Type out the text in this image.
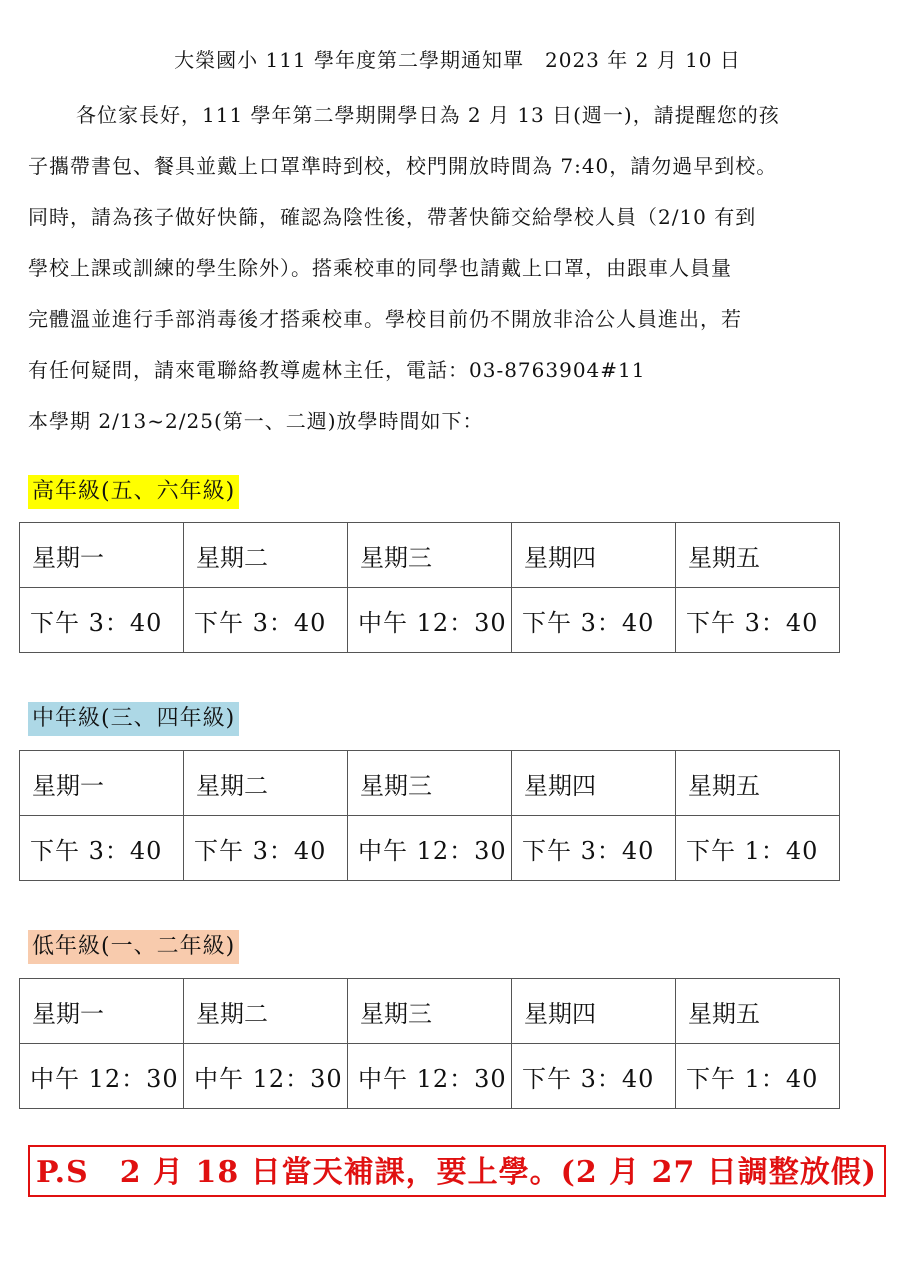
大榮國小 111 學年度第二學期通知單　2023 年 2 月 10 日
各位家長好，111 學年第二學期開學日為 2 月 13 日(週一)，請提醒您的孩
子攜帶書包、餐具並戴上口罩準時到校，校門開放時間為 7:40，請勿過早到校。
同時，請為孩子做好快篩，確認為陰性後，帶著快篩交給學校人員（2/10 有到
學校上課或訓練的學生除外）。搭乘校車的同學也請戴上口罩，由跟車人員量
完體溫並進行手部消毒後才搭乘校車。學校目前仍不開放非洽公人員進出，若
有任何疑問，請來電聯絡教導處林主任，電話：03-8763904#11
本學期 2/13~2/25(第一、二週)放學時間如下：
高年級(五、六年級)
星期一	星期二	星期三	星期四	星期五
下午 3：40	下午 3：40	中午 12：30	下午 3：40	下午 3：40
中年級(三、四年級)
星期一	星期二	星期三	星期四	星期五
下午 3：40	下午 3：40	中午 12：30	下午 3：40	下午 1：40
低年級(一、二年級)
星期一	星期二	星期三	星期四	星期五
中午 12：30	中午 12：30	中午 12：30	下午 3：40	下午 1：40
P.S　2 月 18 日當天補課，要上學。(2 月 27 日調整放假)
